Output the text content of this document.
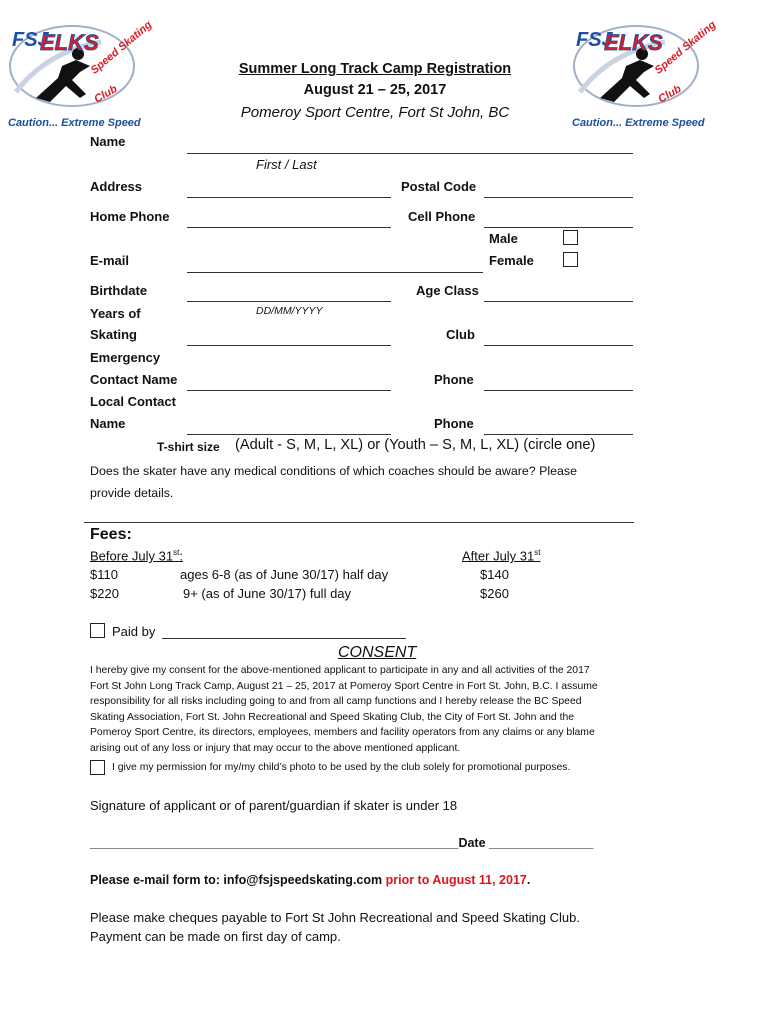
FSJ
ELKS
Speed Skating
Club
Caution... Extreme Speed
FSJ
ELKS
Speed Skating
Club
Caution... Extreme Speed
Summer Long Track Camp Registration
August 21 – 25, 2017
Pomeroy Sport Centre, Fort St John, BC
Name
First / Last
Address	Postal Code
Home Phone	Cell Phone
Male
Female
E-mail
Birthdate
DD/MM/YYYY
Age Class
Years of
Skating	Club
Emergency
Contact Name	Phone
Local Contact
Name	Phone
T-shirt size (Adult - S, M, L, XL) or (Youth – S, M, L, XL) (circle one)
Does the skater have any medical conditions of which coaches should be aware? Please
provide details.
Fees:
Before July 31st:	After July 31st
$110	ages 6-8 (as of June 30/17) half day	$140
$220	9+ (as of June 30/17) full day	$260
Paid by
CONSENT
I hereby give my consent for the above-mentioned applicant to participate in any and all activities of the 2017
Fort St John Long Track Camp, August 21 – 25, 2017 at Pomeroy Sport Centre in Fort St. John, B.C. I assume
responsibility for all risks including going to and from all camp functions and I hereby release the BC Speed
Skating Association, Fort St. John Recreational and Speed Skating Club, the City of Fort St. John and the
Pomeroy Sport Centre, its directors, employees, members and facility operators from any claims or any blame
arising out of any loss or injury that may occur to the above mentioned applicant.
I give my permission for my/my child’s photo to be used by the club solely for promotional purposes.
Signature of applicant or of parent/guardian if skater is under 18
_____________________________________________________Date _______________
Please e-mail form to: info@fsjspeedskating.com prior to August 11, 2017.
Please make cheques payable to Fort St John Recreational and Speed Skating Club.
Payment can be made on first day of camp.
